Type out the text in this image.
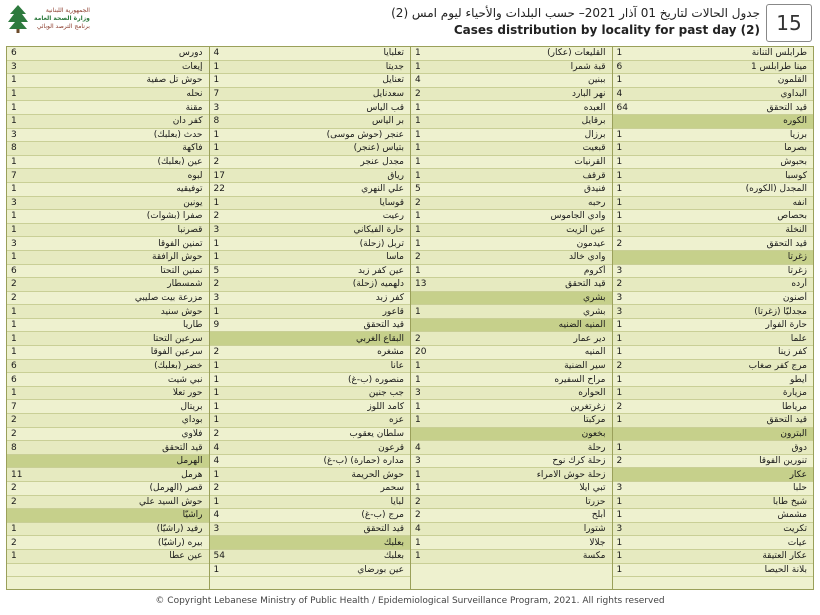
الجمهورية اللبنانية
وزارة الصحة العامة
برنامج الترصد الوبائي
جدول الحالات لتاريخ 01 آذار 2021– حسب البلدات والأحياء ليوم امس (2)
Cases distribution by locality for past day (2) 15
6	دورس
3	إيعات
1	حوش تل صفية
1	نحله
1	مقنة
1	كفر دان
3	حدث (بعلبك)
8	فاكهة
1	عين (بعلبك)
7	لبوه
1	توفيقيه
3	يونين
1	صفرا (بشوات)
1	قصرنبا
3	تمنين الفوقا
1	حوش الرافقة
6	تمنين التحتا
2	شمسطار
2	مزرعة بيت صليبي
1	حوش سنيد
1	طاريا
1	سرعين التحتا
1	سرعين الفوقا
6	خضر (بعلبك)
6	نبي شيت
1	حور تعلا
7	بريتال
2	بوداي
2	فلاوي
8	قيد التحقق
الهرمل
11	هرمل
2	قصر (الهرمل)
2	حوش السيد علي
راشيّا
1	رفيد (راشيّا)
2	بيره (راشيّا)
1	عين عطا
4	تعلبايا
1	جديتا
1	تعنايل
7	سعدنايل
3	قب الياس
8	بر الياس
1	عنجر (حوش موسى)
1	بتياس (عنجر)
2	مجدل عنجر
17	رياق
22	علي النهري
1	قوسايا
2	رعيت
3	حارة الفيكاني
1	تربل (زحلة)
1	ماسا
5	عين كفر زبد
2	دلهميه (زحلة)
3	كفر زبد
1	قاعور
9	قيد التحقق
البقاع الغربي
2	مشغره
1	عانا
1	منصوره (ب-غ)
1	جب جنين
1	كامد اللوز
1	عزه
2	سلطان يعقوب
4	قرعون
4	مداره (حمارة) (ب-غ)
1	حوش الحريمة
2	سحمر
1	لبايا
4	مرج (ب-غ)
3	قيد التحقق
بعلبك
54	بعلبك
1	عين بورضاي
1	القليعات (عكار)
1	قبة شمرا
4	ببنين
2	نهر البارد
1	العبده
1	برقايل
1	برزال
1	قبعيت
1	القرنيات
1	قرقف
5	فنيدق
2	رحبه
1	وادي الجاموس
1	عين الزيت
1	عيدمون
2	وادي خالد
1	أكروم
13	قيد التحقق
بشري
1	بشري
المنيه الضنيه
2	دير عمار
20	المنيه
1	سير الضنية
1	مراح السفيره
3	الحواره
1	زغرتغرين
1	مركبتا
بخعون
4	رحلة
3	زحلة كرك نوح
1	زحلة حوش الامراء
1	تبي ايلا
2	حزرتا
2	أبلح
4	شتورا
1	جلالا
1	مكسة
1	طرابلس التنانة
6	مينا طرابلس 1
1	القلمون
4	البداوي
64	قيد التحقق
الكوره
1	برزيا
1	بصرما
1	بحبوش
1	كوسبا
1	المجدل (الكوره)
1	انفه
1	بحصاص
1	النخلة
2	قيد التحقق
زغرتا
3	زغرتا
2	أرده
3	أصنون
3	مجدليّا (زغرتا)
1	حارة الفوار
1	علما
1	كفر زينا
2	مرج كفر صغاب
1	أيطو
1	مزيارة
2	مرياطا
1	قيد التحقق
البترون
1	دوق
2	تنورين الفوقا
عكار
3	حلبا
1	شيخ طابا
1	مشمش
3	تكريت
1	عيات
1	عكار العتيقة
1	بلانة الحيصا
© Copyright Lebanese Ministry of Public Health / Epidemiological Surveillance Program, 2021. All rights reserved
